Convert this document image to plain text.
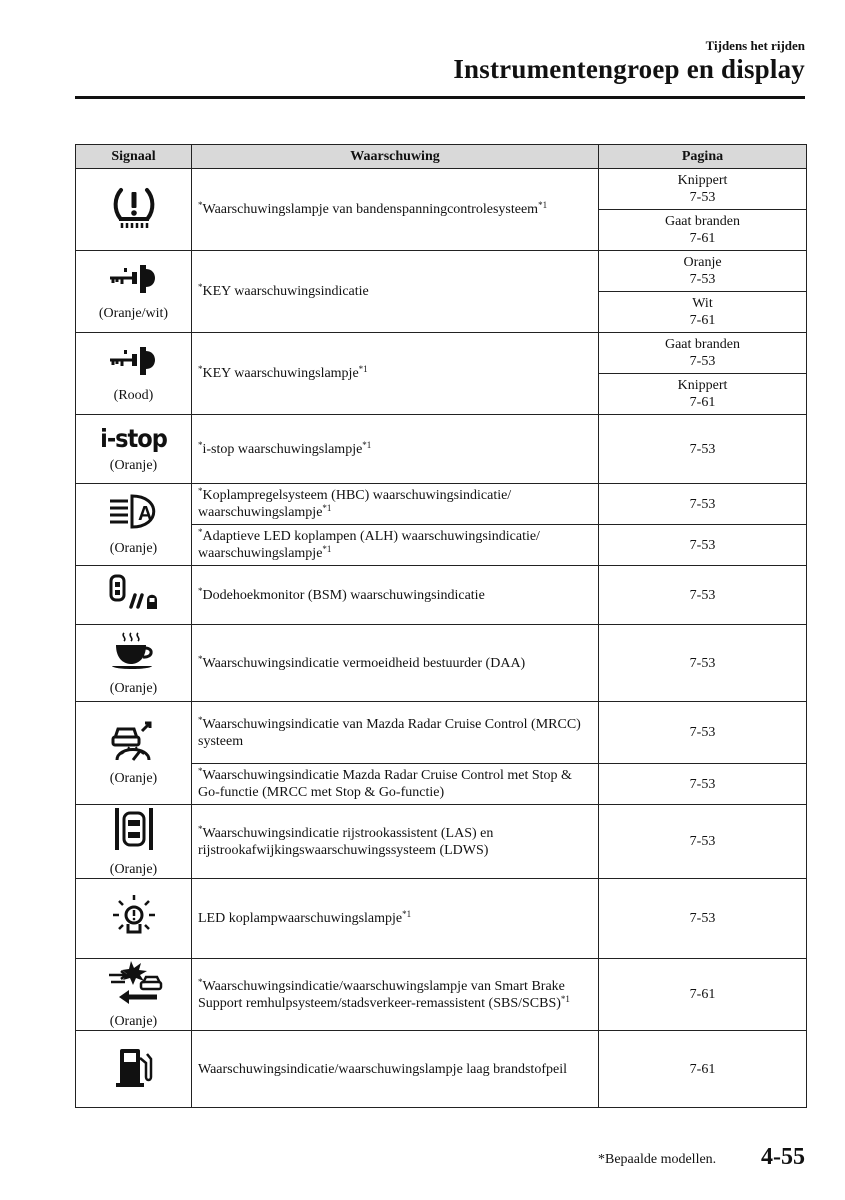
Tijdens het rijden
Instrumentengroep en display
Signaal	Waarschuwing	Pagina

	*Waarschuwingslampje van bandenspanningcontrolesysteem$^{*1}$	Knippert
7-53

		Gaat branden
7-61

(Oranje/wit)	*KEY waarschuwingsindicatie	Oranje
7-53

		Wit
7-61

(Rood)	*KEY waarschuwingslampje$^{*1}$	Gaat branden
7-53

		Knippert
7-61

i-stop
(Oranje)	*i-stop waarschuwingslampje$^{*1}$	7-53

A
(Oranje)	*Koplampregelsysteem (HBC) waarschuwingsindicatie/ waarschuwingslampje$^{*1}$	7-53

	*Adaptieve LED koplampen (ALH) waarschuwingsindicatie/ waarschuwingslampje$^{*1}$	7-53

	*Dodehoekmonitor (BSM) waarschuwingsindicatie	7-53

(Oranje)	*Waarschuwingsindicatie vermoeidheid bestuurder (DAA)	7-53

(Oranje)	*Waarschuwingsindicatie van Mazda Radar Cruise Control (MRCC) systeem	7-53

	*Waarschuwingsindicatie Mazda Radar Cruise Control met Stop & Go-functie (MRCC met Stop & Go-functie)	7-53

(Oranje)	*Waarschuwingsindicatie rijstrookassistent (LAS) en rijstrookafwijkingswaarschuwingssysteem (LDWS)	7-53

	LED koplampwaarschuwingslampje$^{*1}$	7-53

(Oranje)	*Waarschuwingsindicatie/waarschuwingslampje van Smart Brake Support remhulpsysteem/stadsverkeer-remassistent (SBS/SCBS)$^{*1}$	7-61

	Waarschuwingsindicatie/waarschuwingslampje laag brandstofpeil	7-61
*Bepaalde modellen. 4-55
